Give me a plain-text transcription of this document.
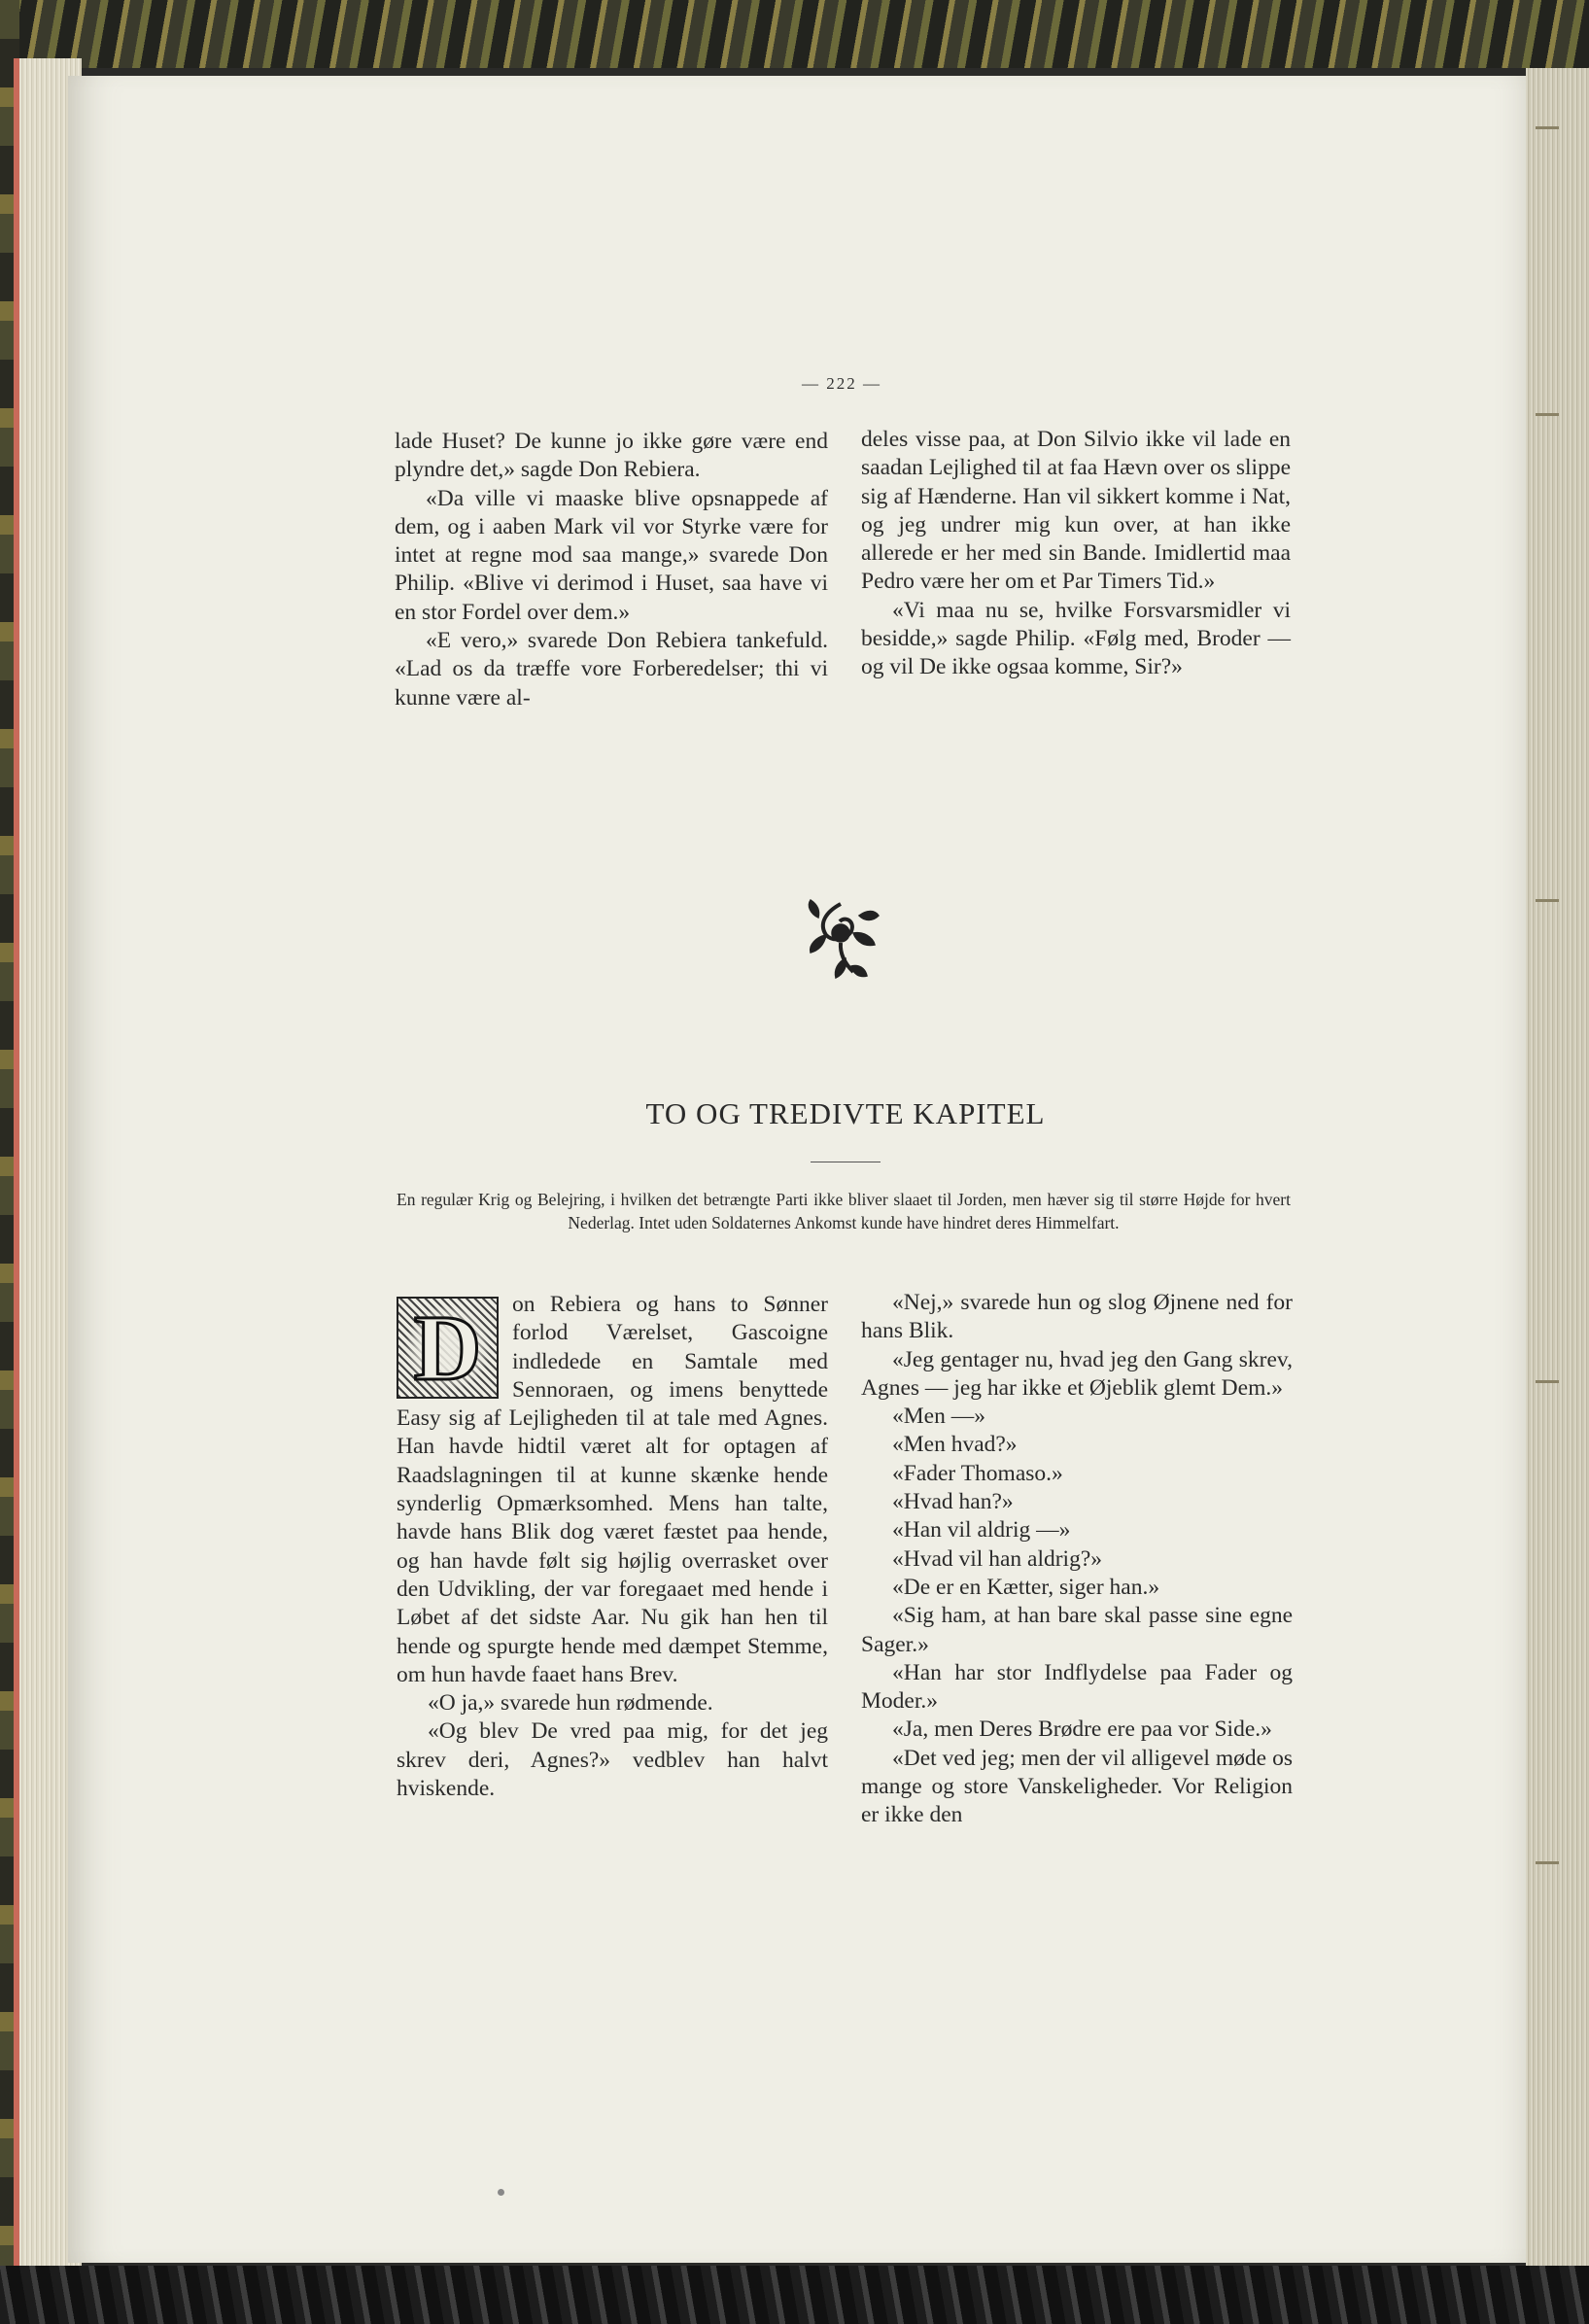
— 222 —

lade Huset? De kunne jo ikke gøre være end plyndre det,» sagde Don Rebiera.

«Da ville vi maaske blive opsnappede af dem, og i aaben Mark vil vor Styrke være for intet at regne mod saa mange,» svarede Don Philip. «Blive vi derimod i Huset, saa have vi en stor Fordel over dem.»

«E vero,» svarede Don Rebiera tankefuld. «Lad os da træffe vore Forberedelser; thi vi kunne være al-

deles visse paa, at Don Silvio ikke vil lade en saadan Lejlighed til at faa Hævn over os slippe sig af Hænderne. Han vil sikkert komme i Nat, og jeg undrer mig kun over, at han ikke allerede er her med sin Bande. Imidlertid maa Pedro være her om et Par Timers Tid.»

«Vi maa nu se, hvilke Forsvarsmidler vi besidde,» sagde Philip. «Følg med, Broder — og vil De ikke ogsaa komme, Sir?»

TO OG TREDIVTE KAPITEL
En regulær Krig og Belejring, i hvilken det betrængte Parti ikke bliver slaaet til Jorden, men hæver sig til større Højde for hvert Nederlag. Intet uden Soldaternes Ankomst kunde have hindret deres Himmelfart.
D	on Rebiera og hans to Sønner forlod Værelset, Gascoigne indledede en Samtale med Sennoraen, og imens benyttede Easy sig af Lejligheden til at tale med Agnes. Han havde hidtil været alt for optagen af Raadslagningen til at kunne skænke hende synderlig Opmærksomhed. Mens han talte, havde hans Blik dog været fæstet paa hende, og han havde følt sig højlig overrasket over den Udvikling, der var foregaaet med hende i Løbet af det sidste Aar. Nu gik han hen til hende og spurgte hende med dæmpet Stemme, om hun havde faaet hans Brev.

«O ja,» svarede hun rødmende.

«Og blev De vred paa mig, for det jeg skrev deri, Agnes?» vedblev han halvt hviskende.

«Nej,» svarede hun og slog Øjnene ned for hans Blik.

«Jeg gentager nu, hvad jeg den Gang skrev, Agnes — jeg har ikke et Øjeblik glemt Dem.»

«Men —»

«Men hvad?»

«Fader Thomaso.»

«Hvad han?»

«Han vil aldrig —»

«Hvad vil han aldrig?»

«De er en Kætter, siger han.»

«Sig ham, at han bare skal passe sine egne Sager.»

«Han har stor Indflydelse paa Fader og Moder.»

«Ja, men Deres Brødre ere paa vor Side.»

«Det ved jeg; men der vil alligevel møde os mange og store Vanskeligheder. Vor Religion er ikke den
